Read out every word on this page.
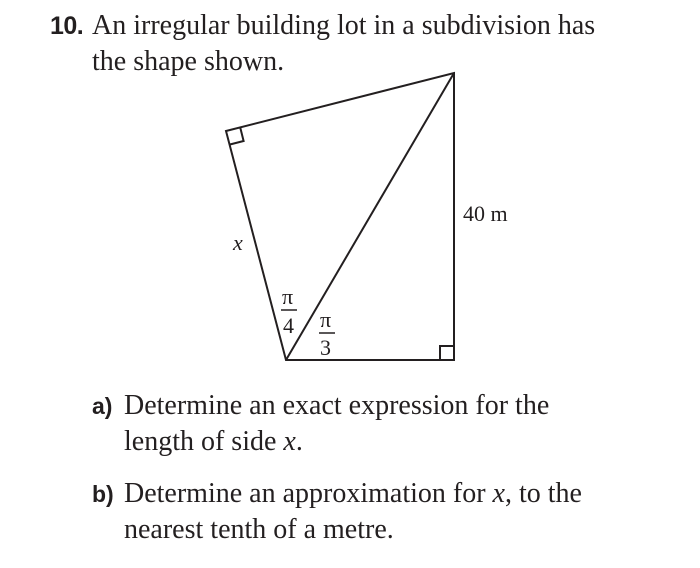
10. An irregular building lot in a subdivision has
the shape shown.
x
40 m
π
4 π
3
a) Determine an exact expression for the
length of side x.
b) Determine an approximation for x, to the
nearest tenth of a metre.
